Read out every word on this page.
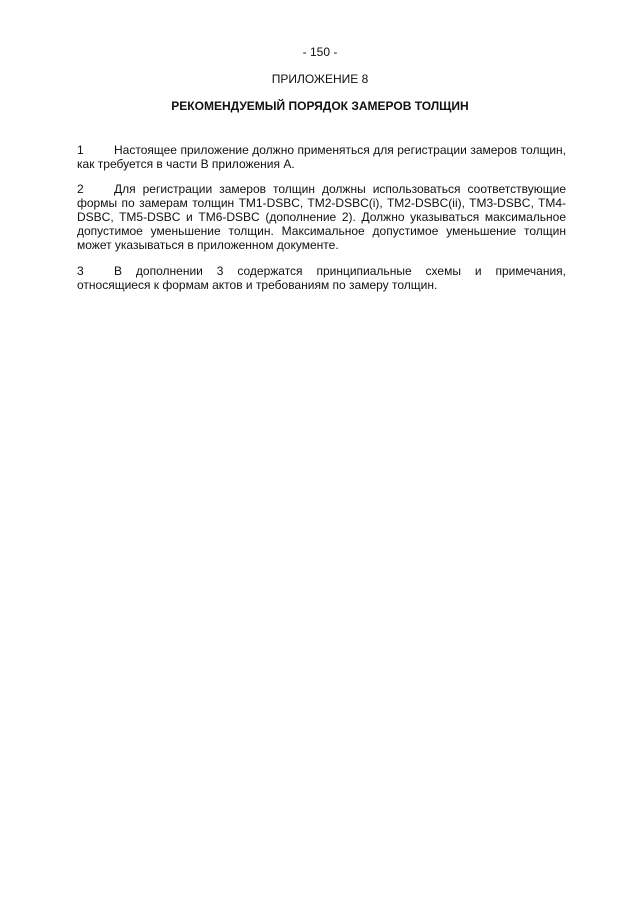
- 150 -
ПРИЛОЖЕНИЕ 8
РЕКОМЕНДУЕМЫЙ ПОРЯДОК ЗАМЕРОВ ТОЛЩИН
1	Настоящее приложение должно применяться для регистрации замеров толщин, как требуется в части В приложения А.
2	Для регистрации замеров толщин должны использоваться соответствующие формы по замерам толщин TM1-DSBC, TM2-DSBC(i), TM2-DSBC(ii), TM3-DSBC, TM4-DSBC, TM5-DSBC и TM6-DSBC (дополнение 2). Должно указываться максимальное допустимое уменьшение толщин. Максимальное допустимое уменьшение толщин может указываться в приложенном документе.
3	В дополнении 3 содержатся принципиальные схемы и примечания, относящиеся к формам актов и требованиям по замеру толщин.
